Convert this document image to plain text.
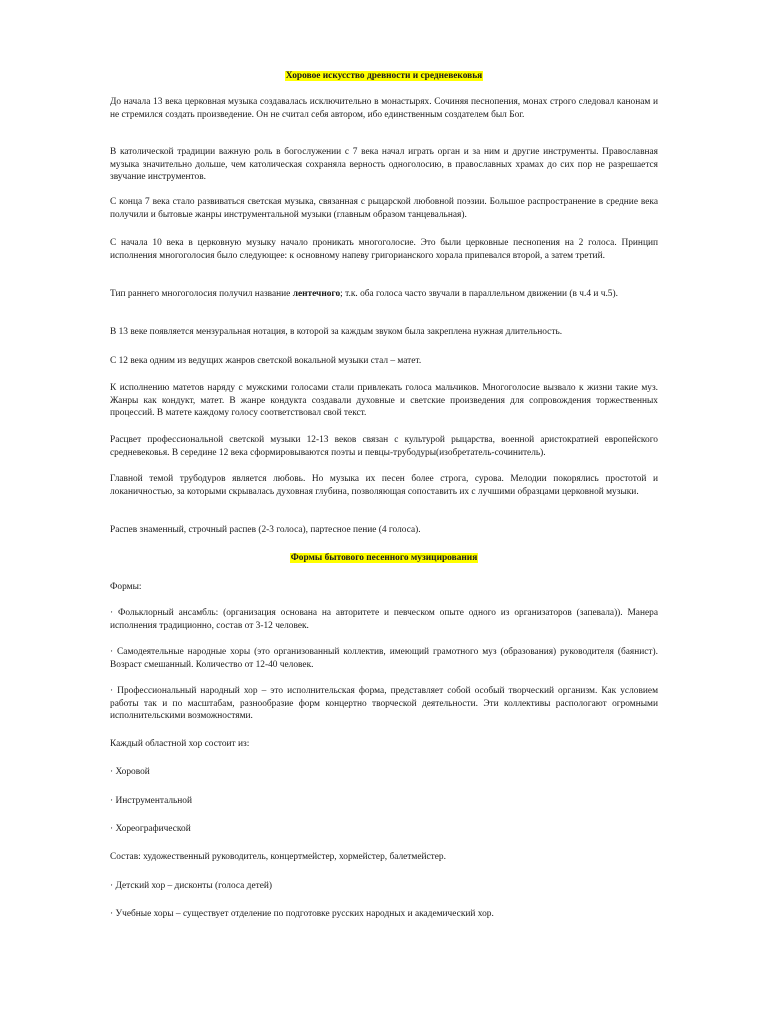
Хоровое искусство древности и средневековья

До начала 13 века церковная музыка создавалась исключительно в монастырях. Сочиняя песнопения, монах строго следовал канонам и не стремился создать произведение. Он не считал себя автором, ибо единственным создателем был Бог.

В католической традиции важную роль в богослужении с 7 века начал играть орган и за ним и другие инструменты. Православная музыка значительно дольше, чем католическая сохраняла верность одноголосию, в православных храмах до сих пор не разрешается звучание инструментов.

С конца 7 века стало развиваться светская музыка, связанная с рыцарской любовной поэзии. Большое распространение в средние века получили и бытовые жанры инструментальной музыки (главным образом танцевальная).

С начала 10 века в церковную музыку начало проникать многоголосие. Это были церковные песнопения на 2 голоса. Принцип исполнения многоголосия было следующее: к основному напеву григорианского хорала припевался второй, а затем третий.

Тип раннего многоголосия получил название лентечного; т.к. оба голоса часто звучали в параллельном движении (в ч.4 и ч.5).

В 13 веке появляется мензуральная нотация, в которой за каждым звуком была закреплена нужная длительность.

С 12 века одним из ведущих жанров светской вокальной музыки стал – матет.

К исполнению матетов наряду с мужскими голосами стали привлекать голоса мальчиков. Многоголосие вызвало к жизни такие муз. Жанры как кондукт, матет. В жанре кондукта создавали духовные и светские произведения для сопровождения торжественных процессий. В матете каждому голосу соответствовал свой текст.

Расцвет профессиональной светской музыки 12-13 веков связан с культурой рыцарства, военной аристократией европейского средневековья. В середине 12 века сформировываются поэты и певцы-трубодуры(изобретатель-сочинитель).

Главной темой трубодуров является любовь. Но музыка их песен более строга, сурова. Мелодии покорялись простотой и локаничностью, за которыми скрывалась духовная глубина, позволяющая сопоставить их с лучшими образцами церковной музыки.

Распев знаменный, строчный распев (2-3 голоса), партесное пение (4 голоса).

Формы бытового песенного музицирования

Формы:

· Фольклорный ансамбль: (организация основана на авторитете и певческом опыте одного из организаторов (запевала)). Манера исполнения традиционно, состав от 3-12 человек.

· Самодеятельные народные хоры (это организованный коллектив, имеющий грамотного муз (образования) руководителя (баянист). Возраст смешанный. Количество от 12-40 человек.

· Профессиональный народный хор – это исполнительская форма, представляет собой особый творческий организм. Как условием работы так и по масштабам, разнообразие форм концертно творческой деятельности. Эти коллективы распологают огромными исполнительскими возможностями.

Каждый областной хор состоит из:

· Хоровой

· Инструментальной

· Хореографической

Состав: художественный руководитель, концертмейстер, хормейстер, балетмейстер.

· Детский хор – дисконты (голоса детей)

· Учебные хоры – существует отделение по подготовке русских народных и академический хор.
